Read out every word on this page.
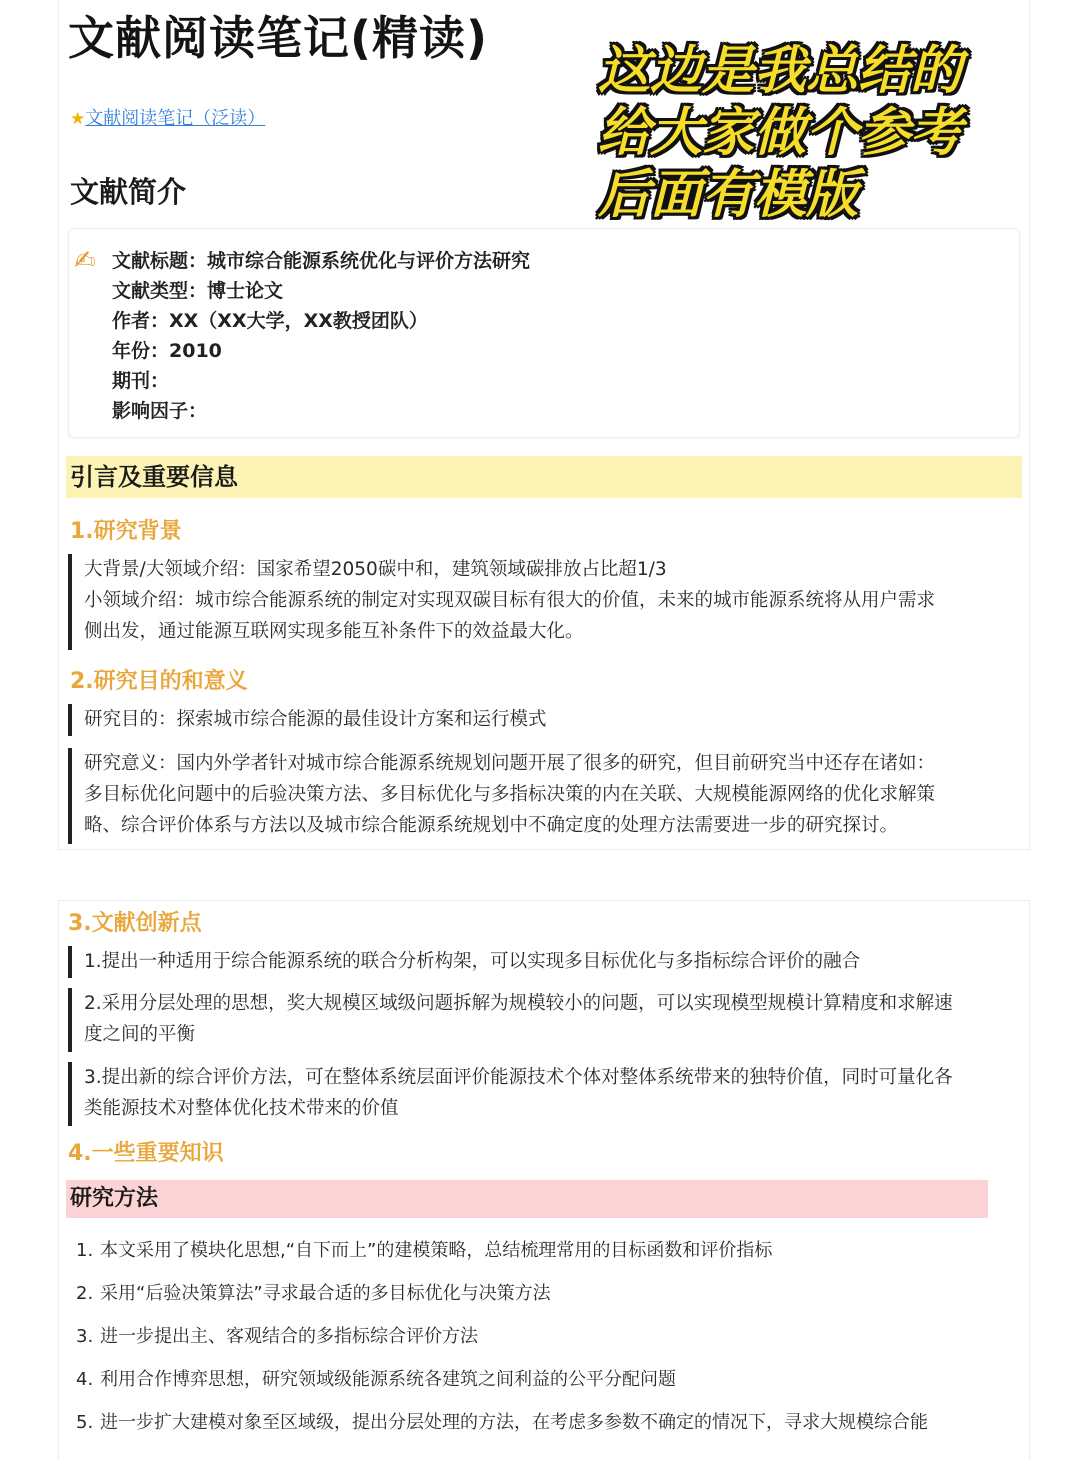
文献阅读笔记(精读)
这边是我总结的
给大家做个参考
后面有模版
★文献阅读笔记（泛读）
文献简介
✍ 文献标题：城市综合能源系统优化与评价方法研究
文献类型：博士论文
作者：XX（XX大学，XX教授团队）
年份：2010
期刊：
影响因子：
引言及重要信息
1.研究背景
大背景/大领域介绍：国家希望2050碳中和，建筑领域碳排放占比超1/3
小领域介绍：城市综合能源系统的制定对实现双碳目标有很大的价值，未来的城市能源系统将从用户需求
侧出发，通过能源互联网实现多能互补条件下的效益最大化。
2.研究目的和意义
研究目的：探索城市综合能源的最佳设计方案和运行模式
研究意义：国内外学者针对城市综合能源系统规划问题开展了很多的研究，但目前研究当中还存在诸如：
多目标优化问题中的后验决策方法、多目标优化与多指标决策的内在关联、大规模能源网络的优化求解策
略、综合评价体系与方法以及城市综合能源系统规划中不确定度的处理方法需要进一步的研究探讨。
3.文献创新点
1.提出一种适用于综合能源系统的联合分析构架，可以实现多目标优化与多指标综合评价的融合
2.采用分层处理的思想，奖大规模区域级问题拆解为规模较小的问题，可以实现模型规模计算精度和求解速
度之间的平衡
3.提出新的综合评价方法，可在整体系统层面评价能源技术个体对整体系统带来的独特价值，同时可量化各
类能源技术对整体优化技术带来的价值
4.一些重要知识
研究方法
1. 本文采用了模块化思想,“自下而上”的建模策略，总结梳理常用的目标函数和评价指标
2. 采用“后验决策算法”寻求最合适的多目标优化与决策方法
3. 进一步提出主、客观结合的多指标综合评价方法
4. 利用合作博弈思想，研究领域级能源系统各建筑之间利益的公平分配问题
5. 进一步扩大建模对象至区域级，提出分层处理的方法，在考虑多参数不确定的情况下，寻求大规模综合能
